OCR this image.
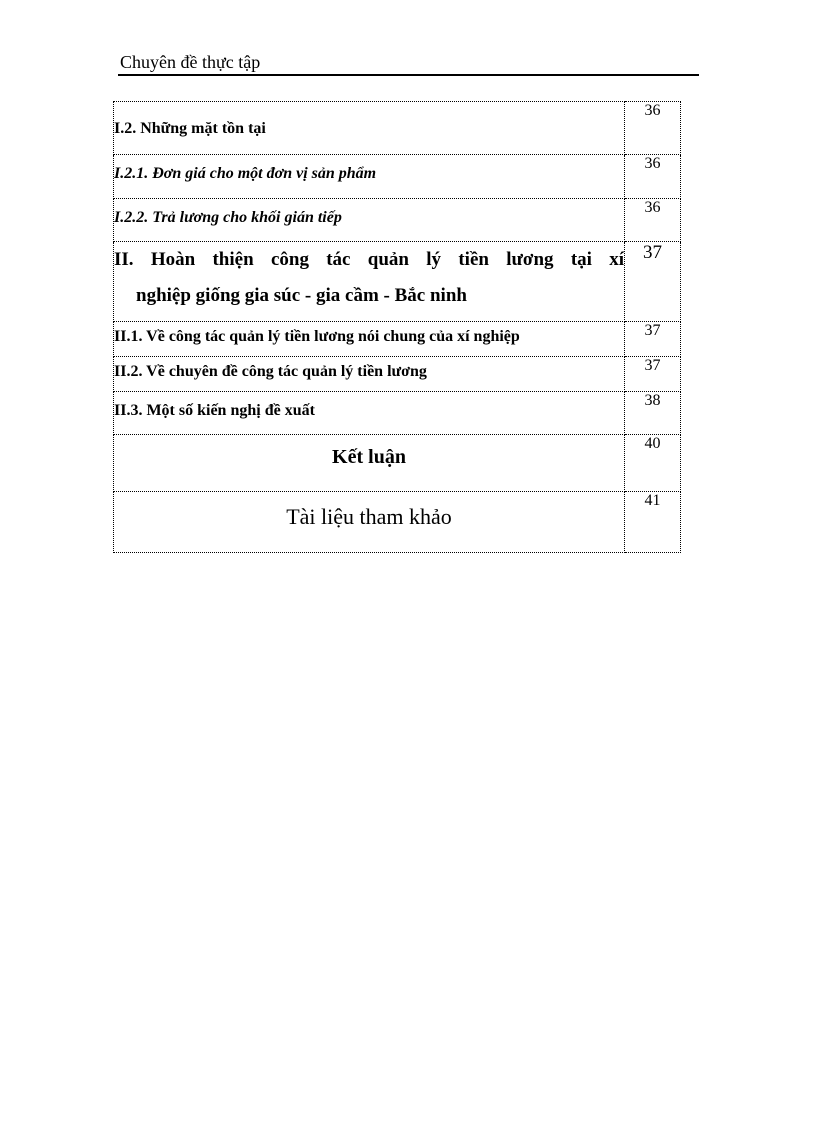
Chuyên đề thực tập
I.2. Những mặt tồn tại	36

I.2.1. Đơn giá cho một đơn vị sản phẩm	36

I.2.2. Trả lương cho khối gián tiếp	36

II. Hoàn thiện công tác quản lý tiền lương tại xí
nghiệp giống gia súc - gia cầm - Bắc ninh	37

II.1. Về công tác quản lý tiền lương nói chung của xí nghiệp	37

II.2. Về chuyên đề công tác quản lý tiền lương	37

II.3. Một số kiến nghị đề xuất	38

Kết luận	40

Tài liệu tham khảo	41
